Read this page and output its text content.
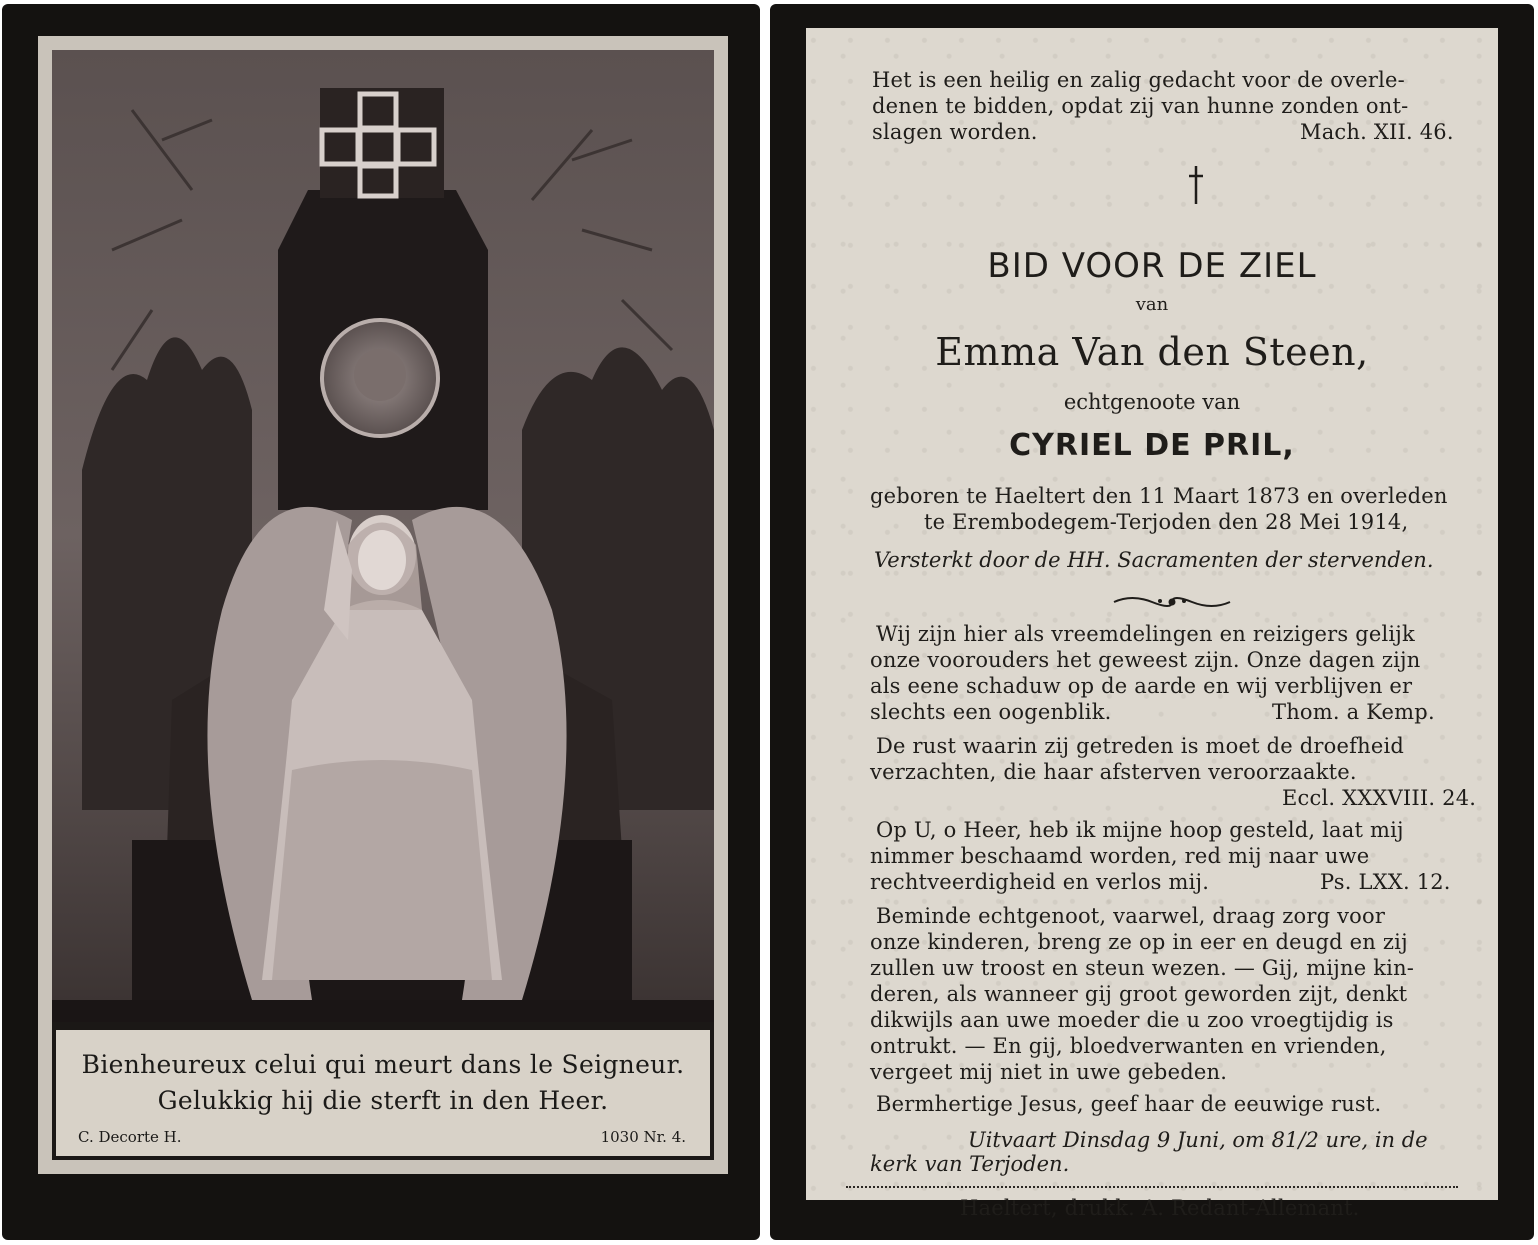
Bienheureux celui qui meurt dans le Seigneur.
Gelukkig hij die sterft in den Heer.
C. Decorte H.	1030 Nr. 4.
Het is een heilig en zalig gedacht voor de overle-
denen te bidden, opdat zij van hunne zonden ont-
slagen worden.	Mach. XII. 46.
BID VOOR DE ZIEL
van
Emma Van den Steen,
echtgenoote van
CYRIEL DE PRIL,
geboren te Haeltert den 11 Maart 1873 en overleden
te Erembodegem-Terjoden den 28 Mei 1914,
Versterkt door de HH. Sacramenten der stervenden.
Wij zijn hier als vreemdelingen en reizigers gelijk
onze voorouders het geweest zijn. Onze dagen zijn
als eene schaduw op de aarde en wij verblijven er
slechts een oogenblik.	Thom. a Kemp.
De rust waarin zij getreden is moet de droefheid
verzachten, die haar afsterven veroorzaakte.
Eccl. XXXVIII. 24.
Op U, o Heer, heb ik mijne hoop gesteld, laat mij
nimmer beschaamd worden, red mij naar uwe
rechtveerdigheid en verlos mij.	Ps. LXX. 12.
Beminde echtgenoot, vaarwel, draag zorg voor
onze kinderen, breng ze op in eer en deugd en zij
zullen uw troost en steun wezen. — Gij, mijne kin-
deren, als wanneer gij groot geworden zijt, denkt
dikwijls aan uwe moeder die u zoo vroegtijdig is
ontrukt. — En gij, bloedverwanten en vrienden,
vergeet mij niet in uwe gebeden.
Bermhertige Jesus, geef haar de eeuwige rust.
Uitvaart Dinsdag 9 Juni, om 81/2 ure, in de
kerk van Terjoden.
Haeltert, drukk. A. Redant-Allemant.
